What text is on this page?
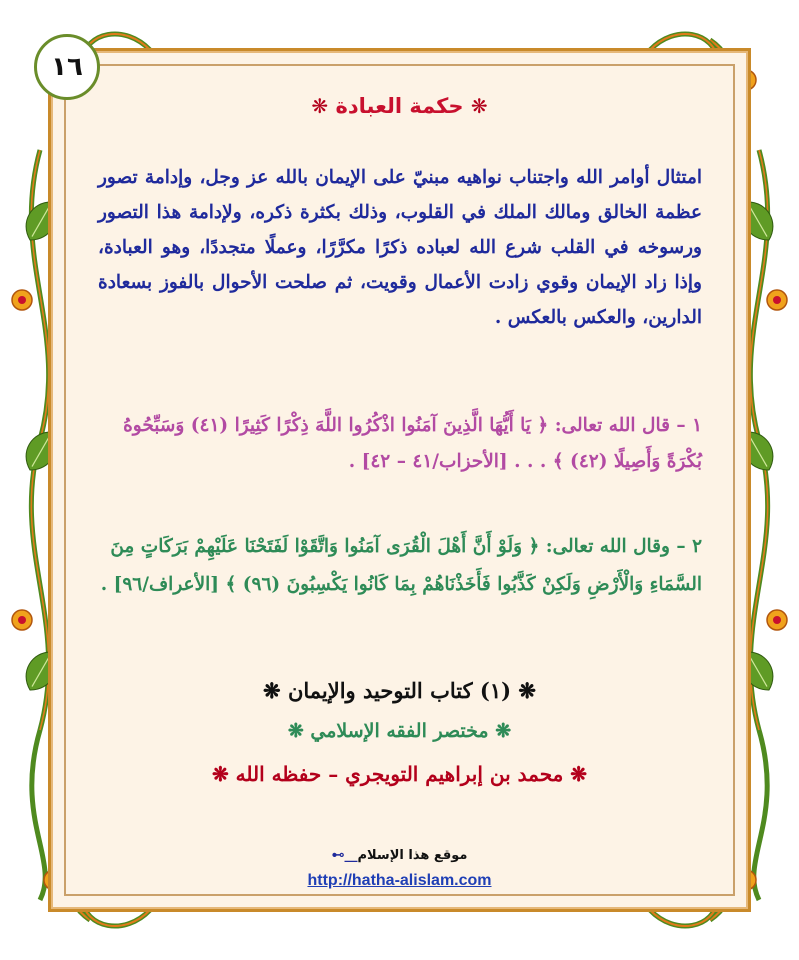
١٦
❋ حكمة العبادة ❋
امتثال أوامر الله واجتناب نواهيه مبنيّ على الإيمان بالله عز وجل، وإدامة تصور عظمة الخالق ومالك الملك في القلوب، وذلك بكثرة ذكره، ولإدامة هذا التصور ورسوخه في القلب شرع الله لعباده ذكرًا مكرَّرًا، وعملًا متجددًا، وهو العبادة، وإذا زاد الإيمان وقوي زادت الأعمال وقويت، ثم صلحت الأحوال بالفوز بسعادة الدارين، والعكس بالعكس .
١ – قال الله تعالى: ﴿ يَا أَيُّهَا الَّذِينَ آمَنُوا اذْكُرُوا اللَّهَ ذِكْرًا كَثِيرًا (٤١) وَسَبِّحُوهُ بُكْرَةً وَأَصِيلًا (٤٢) ﴾ . . . [الأحزاب/٤١ – ٤٢] .
٢ – وقال الله تعالى: ﴿ وَلَوْ أَنَّ أَهْلَ الْقُرَى آمَنُوا وَاتَّقَوْا لَفَتَحْنَا عَلَيْهِمْ بَرَكَاتٍ مِنَ السَّمَاءِ وَالْأَرْضِ وَلَكِنْ كَذَّبُوا فَأَخَذْنَاهُمْ بِمَا كَانُوا يَكْسِبُونَ (٩٦) ﴾ [الأعراف/٩٦] .
❋ (١) كتاب التوحيد والإيمان ❋
❋ مختصر الفقه الإسلامي ❋
❋ محمد بن إبراهيم التويجري – حفظه الله ❋
موقع هذا الإسلام__⊶
http://hatha-alislam.com
